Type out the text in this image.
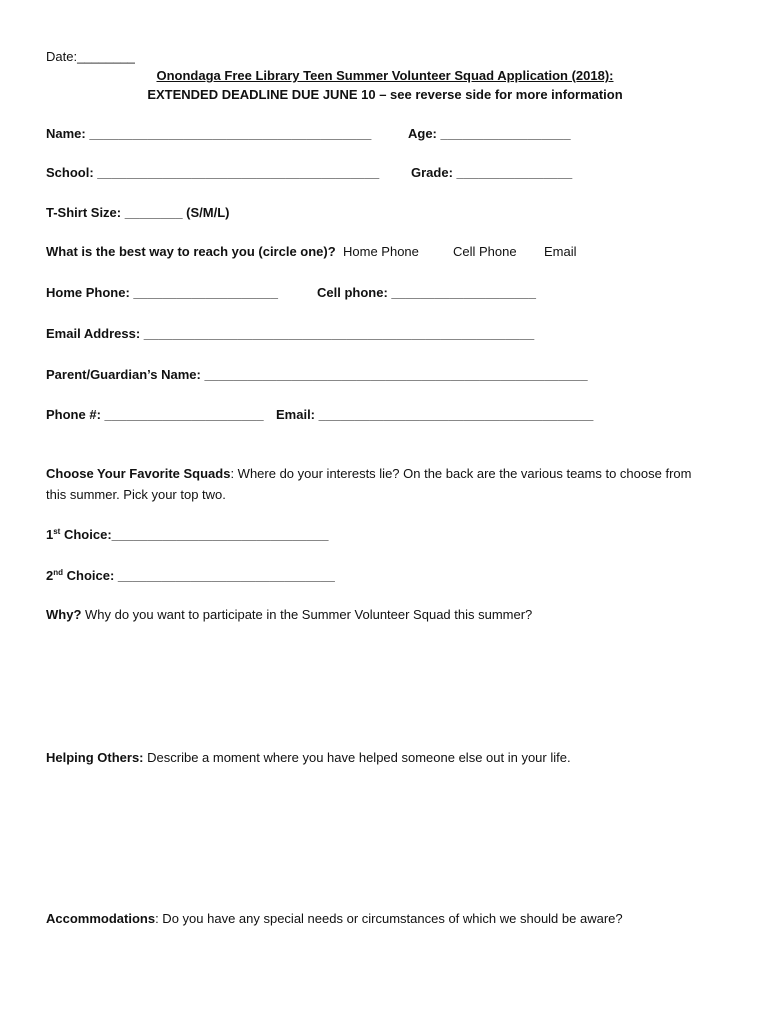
Date:________
Onondaga Free Library Teen Summer Volunteer Squad Application (2018):
EXTENDED DEADLINE DUE JUNE 10 – see reverse side for more information
Name: _______________________________________	Age: __________________
School: _______________________________________ Grade: ________________
T-Shirt Size: ________ (S/M/L)
What is the best way to reach you (circle one)? Home Phone	Cell Phone Email
Home Phone: ____________________	Cell phone: ____________________
Email Address: ______________________________________________________
Parent/Guardian’s Name: _____________________________________________________
Phone #: ______________________ Email: ______________________________________
Choose Your Favorite Squads: Where do your interests lie? On the back are the various teams to choose from
this summer. Pick your top two.
1st Choice:______________________________
2nd Choice: ______________________________
Why? Why do you want to participate in the Summer Volunteer Squad this summer?
Helping Others: Describe a moment where you have helped someone else out in your life.
Accommodations: Do you have any special needs or circumstances of which we should be aware?
